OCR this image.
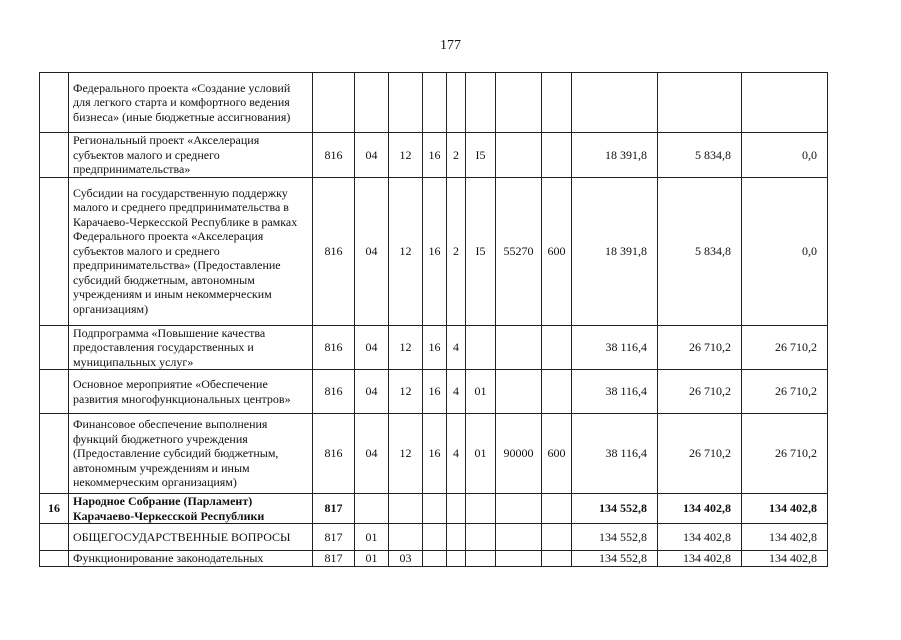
177
	Федерального проекта «Создание условий для легкого старта и комфортного ведения бизнеса» (иные бюджетные ассигнования)											
	Региональный проект «Акселерация субъектов малого и среднего предпринимательства»	816	04	12	16	2	I5			18 391,8	5 834,8	0,0
	Субсидии на государственную поддержку малого и среднего предпринимательства в Карачаево-Черкесской Республике в рамках Федерального проекта «Акселерация субъектов малого и среднего предпринимательства» (Предоставление субсидий бюджетным, автономным учреждениям и иным некоммерческим организациям)	816	04	12	16	2	I5	55270	600	18 391,8	5 834,8	0,0
	Подпрограмма «Повышение качества предоставления государственных и муниципальных услуг»	816	04	12	16	4				38 116,4	26 710,2	26 710,2
	Основное мероприятие «Обеспечение развития многофункциональных центров»	816	04	12	16	4	01			38 116,4	26 710,2	26 710,2
	Финансовое обеспечение выполнения функций бюджетного учреждения (Предоставление субсидий бюджетным, автономным учреждениям и иным некоммерческим организациям)	816	04	12	16	4	01	90000	600	38 116,4	26 710,2	26 710,2
16	Народное Собрание (Парламент) Карачаево-Черкесской Республики	817								134 552,8	134 402,8	134 402,8
	ОБЩЕГОСУДАРСТВЕННЫЕ ВОПРОСЫ	817	01							134 552,8	134 402,8	134 402,8
	Функционирование законодательных	817	01	03						134 552,8	134 402,8	134 402,8
